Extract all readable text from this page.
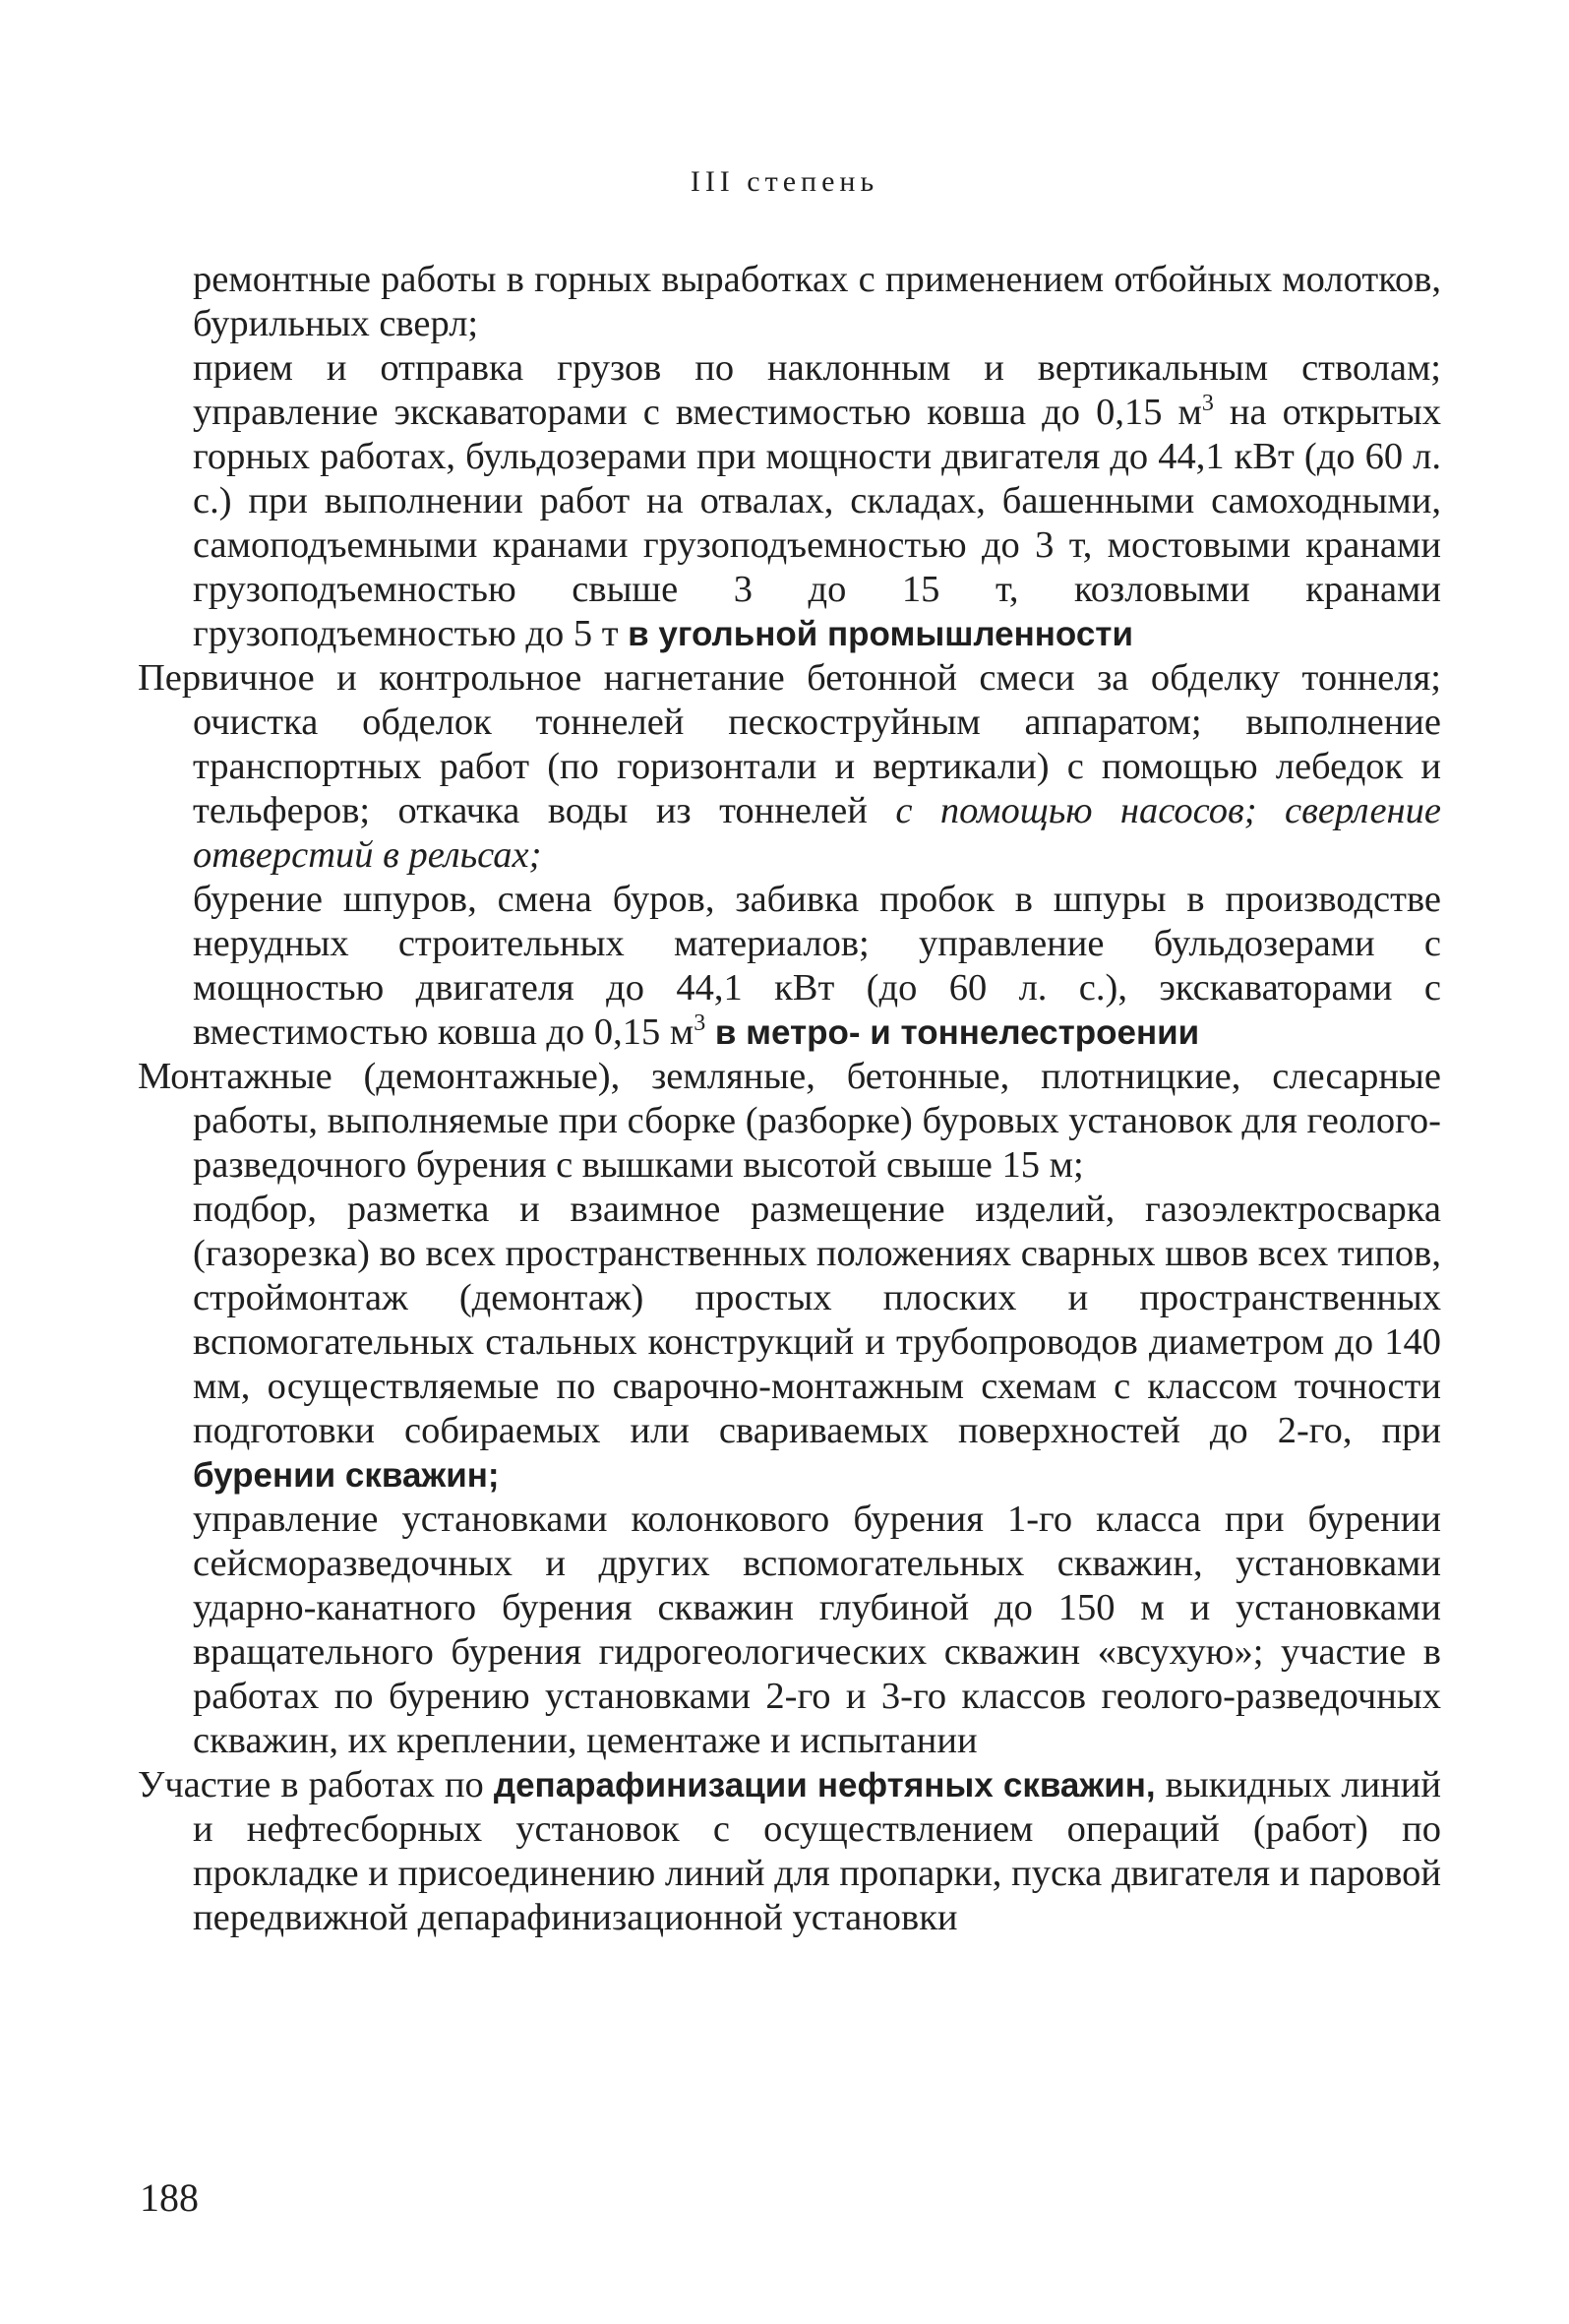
III степень

ремонтные работы в горных выработках с применением отбойных молотков, бурильных сверл;

прием и отправка грузов по наклонным и вертикальным стволам; управление экскаваторами с вместимостью ковша до 0,15 $м^3$ на открытых горных работах, бульдозерами при мощности двигателя до 44,1 кВт (до 60 л. с.) при выполнении работ на отвалах, складах, башенными самоходными, самоподъемными кранами грузоподъемностью до 3 т, мостовыми кранами грузоподъемностью свыше 3 до 15 т, козловыми кранами грузоподъемностью до 5 т в угольной промышленности

Первичное и контрольное нагнетание бетонной смеси за обделку тоннеля; очистка обделок тоннелей пескоструйным аппаратом; выполнение транспортных работ (по горизонтали и вертикали) с помощью лебедок и тельферов; откачка воды из тоннелей с помощью насосов; сверление отверстий в рельсах;

бурение шпуров, смена буров, забивка пробок в шпуры в производстве нерудных строительных материалов; управление бульдозерами с мощностью двигателя до 44,1 кВт (до 60 л. с.), экскаваторами с вместимостью ковша до 0,15 $м^3$ в метро- и тоннелестроении

Монтажные (демонтажные), земляные, бетонные, плотницкие, слесарные работы, выполняемые при сборке (разборке) буровых установок для геолого-разведочного бурения с вышками высотой свыше 15 м;

подбор, разметка и взаимное размещение изделий, газоэлектросварка (газорезка) во всех пространственных положениях сварных швов всех типов, строймонтаж (демонтаж) простых плоских и пространственных вспомогательных стальных конструкций и трубопроводов диаметром до 140 мм, осуществляемые по сварочно-монтажным схемам с классом точности подготовки собираемых или свариваемых поверхностей до 2-го, при бурении скважин;

управление установками колонкового бурения 1-го класса при бурении сейсморазведочных и других вспомогательных скважин, установками ударно-канатного бурения скважин глубиной до 150 м и установками вращательного бурения гидрогеологических скважин «всухую»; участие в работах по бурению установками 2-го и 3-го классов геолого-разведочных скважин, их креплении, цементаже и испытании

Участие в работах по депарафинизации нефтяных скважин, выкидных линий и нефтесборных установок с осуществлением операций (работ) по прокладке и присоединению линий для пропарки, пуска двигателя и паровой передвижной депарафинизационной установки

188
